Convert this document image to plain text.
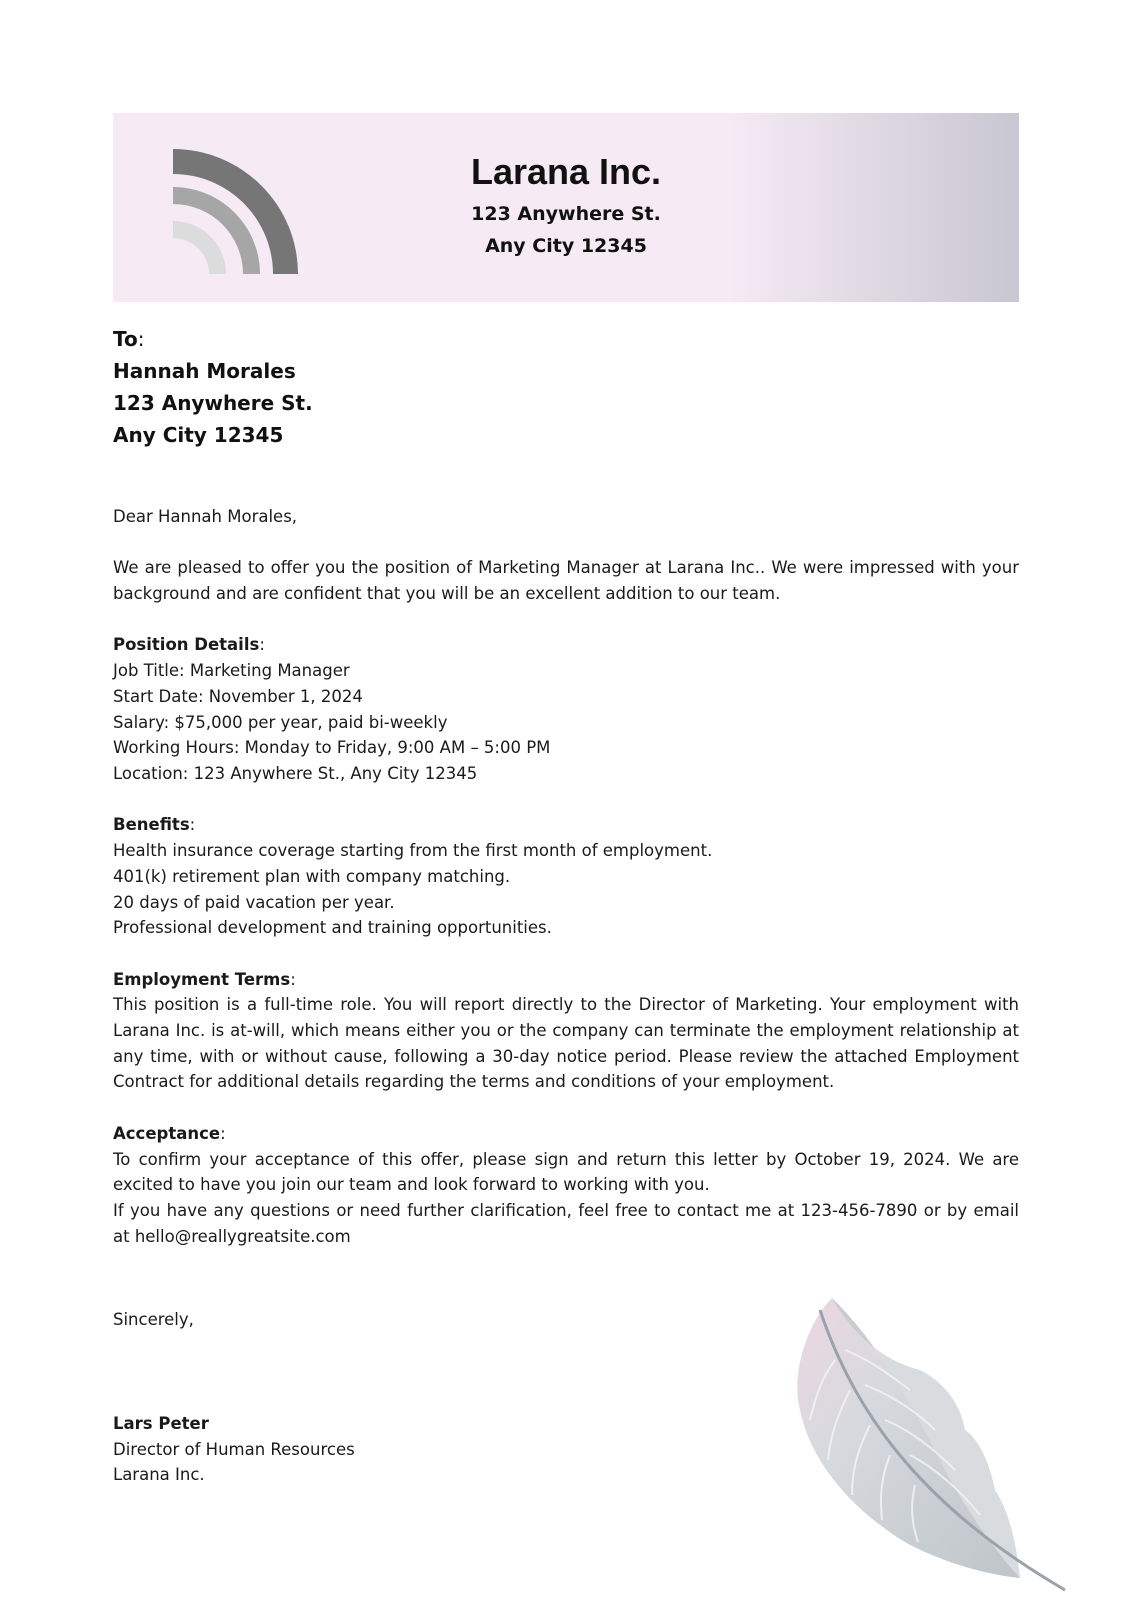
Larana Inc.
123 Anywhere St.
Any City 12345
To:
Hannah Morales
123 Anywhere St.
Any City 12345

Dear Hannah Morales,

We are pleased to offer you the position of Marketing Manager at Larana Inc.. We were impressed with your background and are confident that you will be an excellent addition to our team.

Position Details:
Job Title: Marketing Manager
Start Date: November 1, 2024
Salary: $75,000 per year, paid bi-weekly
Working Hours: Monday to Friday, 9:00 AM – 5:00 PM
Location: 123 Anywhere St., Any City 12345

Benefits:
Health insurance coverage starting from the first month of employment.
401(k) retirement plan with company matching.
20 days of paid vacation per year.
Professional development and training opportunities.

Employment Terms:
This position is a full-time role. You will report directly to the Director of Marketing. Your employment with Larana Inc. is at-will, which means either you or the company can terminate the employment relationship at any time, with or without cause, following a 30-day notice period. Please review the attached Employment Contract for additional details regarding the terms and conditions of your employment.

Acceptance:
To confirm your acceptance of this offer, please sign and return this letter by October 19, 2024. We are excited to have you join our team and look forward to working with you.
If you have any questions or need further clarification, feel free to contact me at 123-456-7890 or by email at hello@reallygreatsite.com

Sincerely,
Lars Peter
Director of Human Resources
Larana Inc.
